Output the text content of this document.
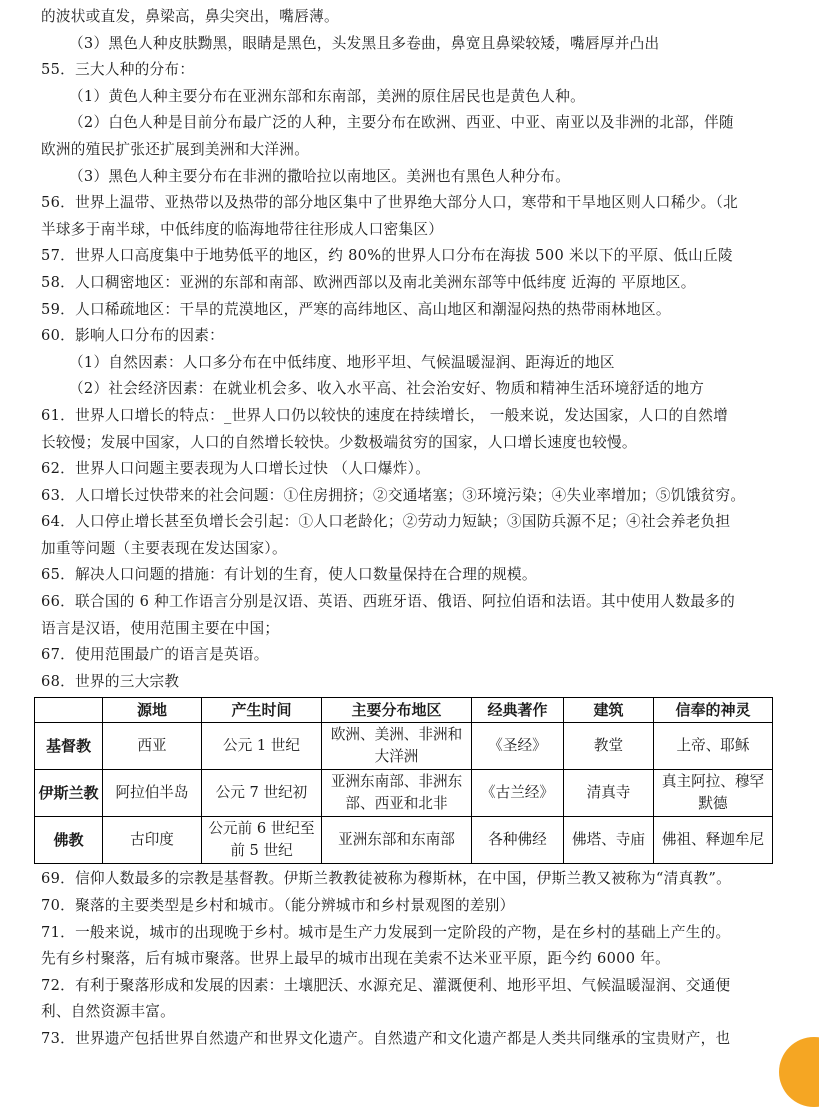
的波状或直发，鼻梁高，鼻尖突出，嘴唇薄。
（3）黑色人种皮肤黝黑，眼睛是黑色，头发黑且多卷曲，鼻宽且鼻梁较矮，嘴唇厚并凸出
55．三大人种的分布：
（1）黄色人种主要分布在亚洲东部和东南部，美洲的原住居民也是黄色人种。
（2）白色人种是目前分布最广泛的人种，主要分布在欧洲、西亚、中亚、南亚以及非洲的北部，伴随
欧洲的殖民扩张还扩展到美洲和大洋洲。
（3）黑色人种主要分布在非洲的撒哈拉以南地区。美洲也有黑色人种分布。
56．世界上温带、亚热带以及热带的部分地区集中了世界绝大部分人口，寒带和干旱地区则人口稀少。（北
半球多于南半球，中低纬度的临海地带往往形成人口密集区）
57．世界人口高度集中于地势低平的地区，约 80%的世界人口分布在海拔 500 米以下的平原、低山丘陵
58．人口稠密地区：亚洲的东部和南部、欧洲西部以及南北美洲东部等中低纬度 近海的 平原地区。
59．人口稀疏地区：干旱的荒漠地区，严寒的高纬地区、高山地区和潮湿闷热的热带雨林地区。
60．影响人口分布的因素：
（1）自然因素：人口多分布在中低纬度、地形平坦、气候温暖湿润、距海近的地区
（2）社会经济因素：在就业机会多、收入水平高、社会治安好、物质和精神生活环境舒适的地方
61．世界人口增长的特点：_世界人口仍以较快的速度在持续增长， 一般来说，发达国家，人口的自然增
长较慢；发展中国家，人口的自然增长较快。少数极端贫穷的国家，人口增长速度也较慢。
62．世界人口问题主要表现为人口增长过快 （人口爆炸）。
63．人口增长过快带来的社会问题：①住房拥挤；②交通堵塞；③环境污染；④失业率增加；⑤饥饿贫穷。
64．人口停止增长甚至负增长会引起：①人口老龄化；②劳动力短缺；③国防兵源不足；④社会养老负担
加重等问题（主要表现在发达国家）。
65．解决人口问题的措施：有计划的生育，使人口数量保持在合理的规模。
66．联合国的 6 种工作语言分别是汉语、英语、西班牙语、俄语、阿拉伯语和法语。其中使用人数最多的
语言是汉语，使用范围主要在中国；
67．使用范围最广的语言是英语。
68．世界的三大宗教
	源地	产生时间	主要分布地区	经典著作	建筑	信奉的神灵
基督教	西亚	公元 1 世纪	欧洲、美洲、非洲和大洋洲	《圣经》	教堂	上帝、耶稣
伊斯兰教	阿拉伯半岛	公元 7 世纪初	亚洲东南部、非洲东部、西亚和北非	《古兰经》	清真寺	真主阿拉、穆罕默德
佛教	古印度	公元前 6 世纪至前 5 世纪	亚洲东部和东南部	各种佛经	佛塔、寺庙	佛祖、释迦牟尼
69．信仰人数最多的宗教是基督教。伊斯兰教教徒被称为穆斯林，在中国，伊斯兰教又被称为“清真教”。
70．聚落的主要类型是乡村和城市。（能分辨城市和乡村景观图的差别）
71．一般来说，城市的出现晚于乡村。城市是生产力发展到一定阶段的产物，是在乡村的基础上产生的。
先有乡村聚落，后有城市聚落。世界上最早的城市出现在美索不达米亚平原，距今约 6000 年。
72．有利于聚落形成和发展的因素：土壤肥沃、水源充足、灌溉便利、地形平坦、气候温暖湿润、交通便
利、自然资源丰富。
73．世界遗产包括世界自然遗产和世界文化遗产。自然遗产和文化遗产都是人类共同继承的宝贵财产，也
